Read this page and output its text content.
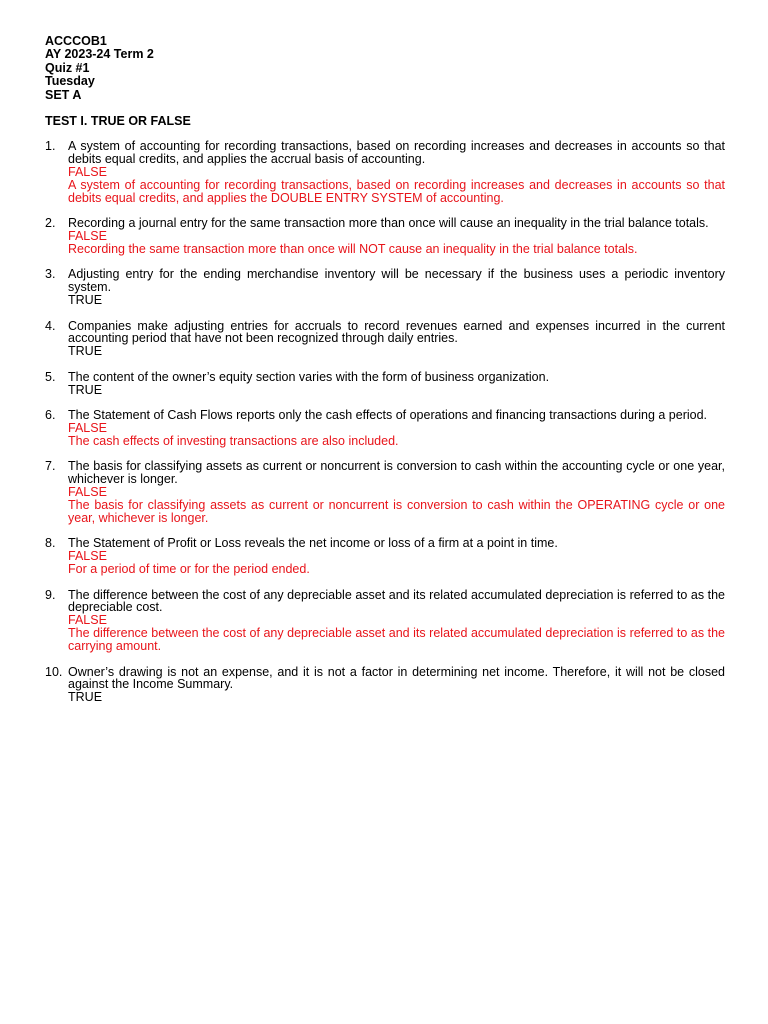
ACCCOB1
AY 2023-24 Term 2
Quiz #1
Tuesday
SET A
TEST I. TRUE OR FALSE
1. A system of accounting for recording transactions, based on recording increases and decreases in accounts so that debits equal credits, and applies the accrual basis of accounting.
FALSE
A system of accounting for recording transactions, based on recording increases and decreases in accounts so that debits equal credits, and applies the DOUBLE ENTRY SYSTEM of accounting.
2. Recording a journal entry for the same transaction more than once will cause an inequality in the trial balance totals.
FALSE
Recording the same transaction more than once will NOT cause an inequality in the trial balance totals.
3. Adjusting entry for the ending merchandise inventory will be necessary if the business uses a periodic inventory system.
TRUE
4. Companies make adjusting entries for accruals to record revenues earned and expenses incurred in the current accounting period that have not been recognized through daily entries.
TRUE
5. The content of the owner’s equity section varies with the form of business organization.
TRUE
6. The Statement of Cash Flows reports only the cash effects of operations and financing transactions during a period.
FALSE
The cash effects of investing transactions are also included.
7. The basis for classifying assets as current or noncurrent is conversion to cash within the accounting cycle or one year, whichever is longer.
FALSE
The basis for classifying assets as current or noncurrent is conversion to cash within the OPERATING cycle or one year, whichever is longer.
8. The Statement of Profit or Loss reveals the net income or loss of a firm at a point in time.
FALSE
For a period of time or for the period ended.
9. The difference between the cost of any depreciable asset and its related accumulated depreciation is referred to as the depreciable cost.
FALSE
The difference between the cost of any depreciable asset and its related accumulated depreciation is referred to as the carrying amount.
10. Owner’s drawing is not an expense, and it is not a factor in determining net income. Therefore, it will not be closed against the Income Summary.
TRUE
